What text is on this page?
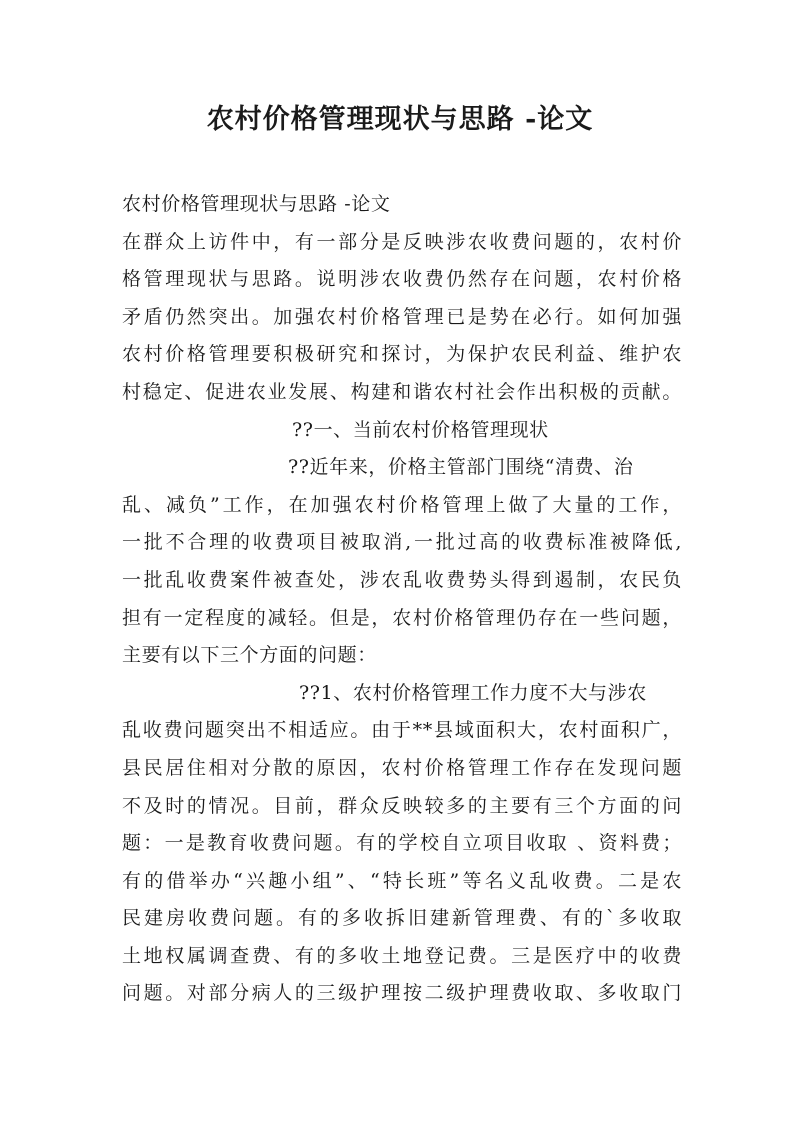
农村价格管理现状与思路 -论文
农村价格管理现状与思路 -论文
在群众上访件中，有一部分是反映涉农收费问题的，农村价
格管理现状与思路。说明涉农收费仍然存在问题，农村价格
矛盾仍然突出。加强农村价格管理已是势在必行。如何加强
农村价格管理要积极研究和探讨，为保护农民利益、维护农
村稳定、促进农业发展、构建和谐农村社会作出积极的贡献。
??一、当前农村价格管理现状
??近年来，价格主管部门围绕“清费、治
乱、减负”工作，在加强农村价格管理上做了大量的工作，
一批不合理的收费项目被取消,一批过高的收费标准被降低,
一批乱收费案件被查处，涉农乱收费势头得到遏制，农民负
担有一定程度的减轻。但是，农村价格管理仍存在一些问题，
主要有以下三个方面的问题：
??1、农村价格管理工作力度不大与涉农
乱收费问题突出不相适应。由于**县域面积大，农村面积广，
县民居住相对分散的原因，农村价格管理工作存在发现问题
不及时的情况。目前，群众反映较多的主要有三个方面的问
题：一是教育收费问题。有的学校自立项目收取 、资料费；
有的借举办“兴趣小组”、“特长班”等名义乱收费。二是农
民建房收费问题。有的多收拆旧建新管理费、有的`多收取
土地权属调查费、有的多收土地登记费。三是医疗中的收费
问题。对部分病人的三级护理按二级护理费收取、多收取门
